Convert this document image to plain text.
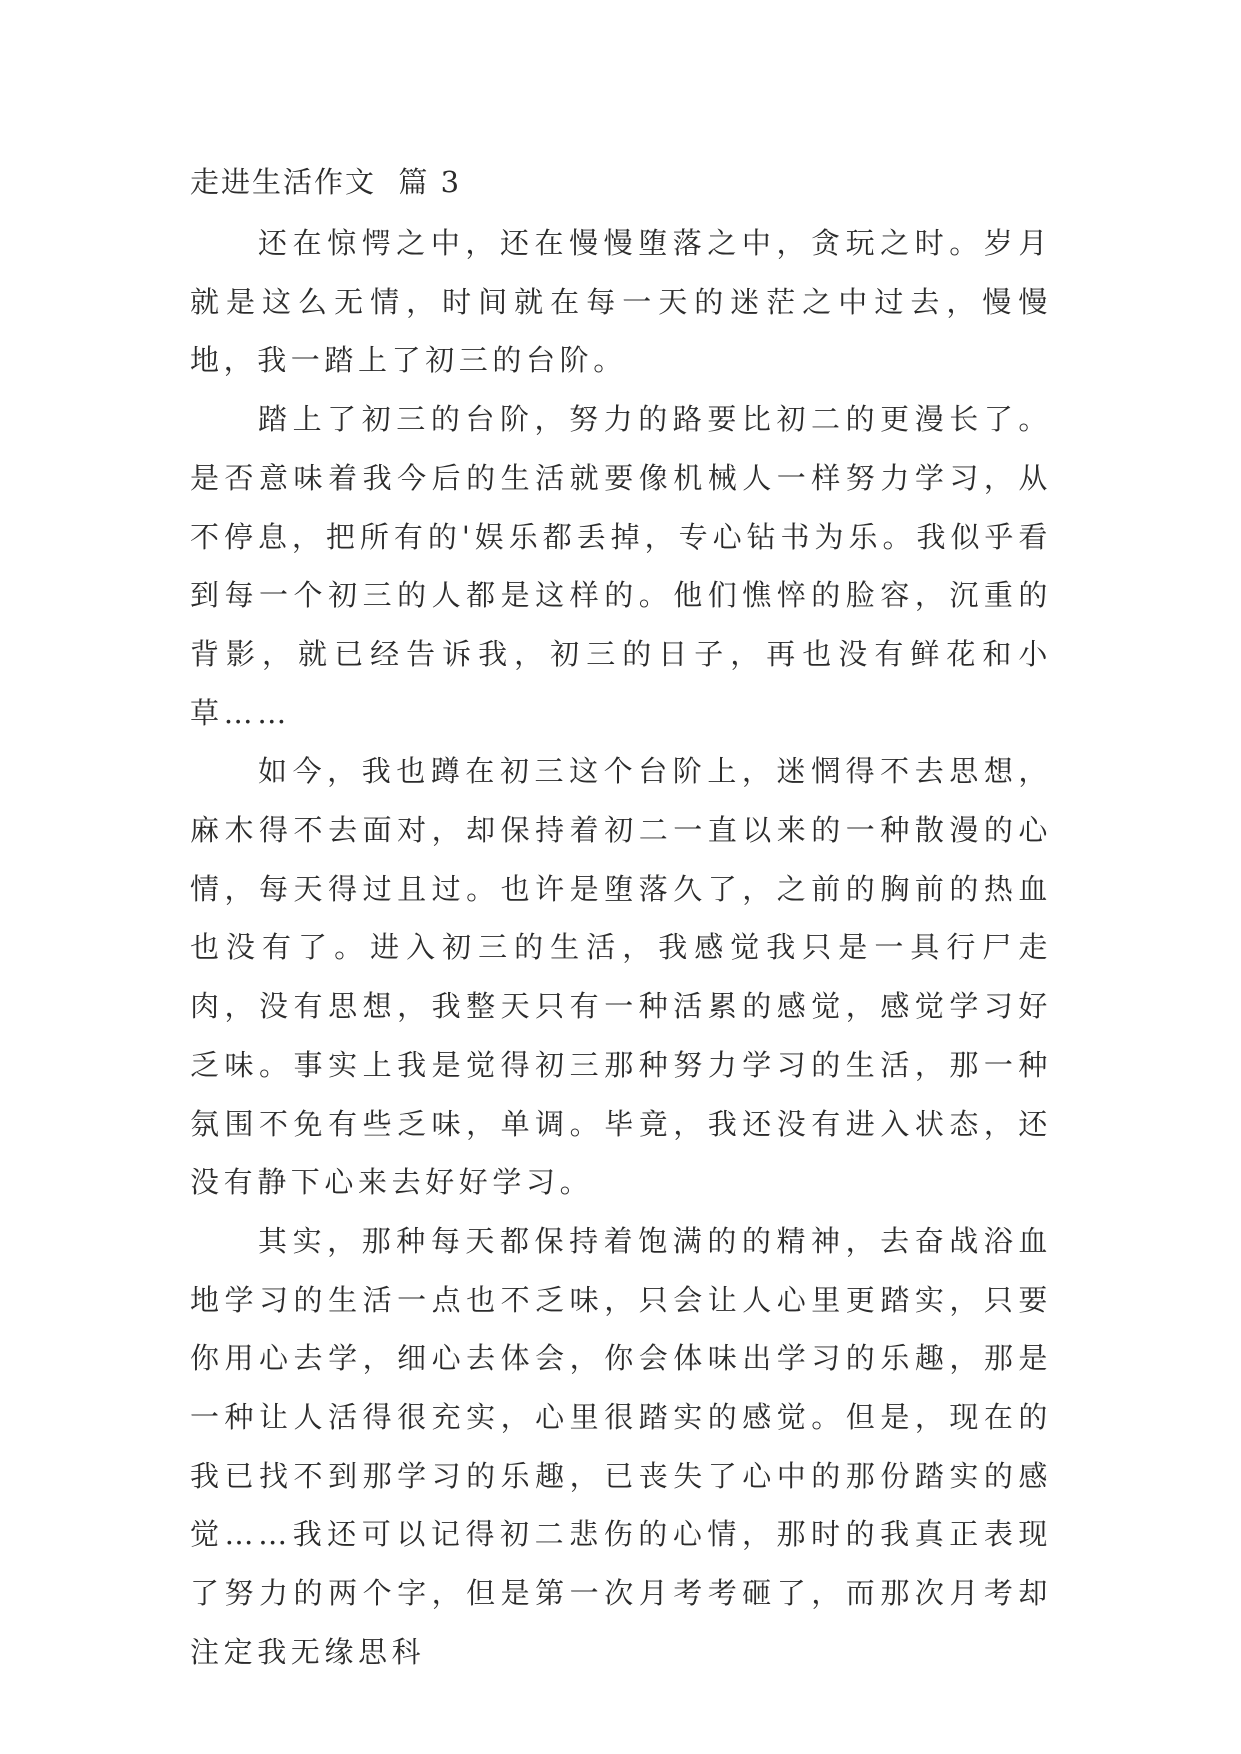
走进生活作文  篇 3

还在惊愕之中，还在慢慢堕落之中，贪玩之时。岁月就是这么无情，时间就在每一天的迷茫之中过去，慢慢地，我一踏上了初三的台阶。

踏上了初三的台阶，努力的路要比初二的更漫长了。是否意味着我今后的生活就要像机械人一样努力学习，从不停息，把所有的'娱乐都丢掉，专心钻书为乐。我似乎看到每一个初三的人都是这样的。他们憔悴的脸容，沉重的背影，就已经告诉我，初三的日子，再也没有鲜花和小草……

如今，我也蹲在初三这个台阶上，迷惘得不去思想，麻木得不去面对，却保持着初二一直以来的一种散漫的心情，每天得过且过。也许是堕落久了，之前的胸前的热血也没有了。进入初三的生活，我感觉我只是一具行尸走肉，没有思想，我整天只有一种活累的感觉，感觉学习好乏味。事实上我是觉得初三那种努力学习的生活，那一种氛围不免有些乏味，单调。毕竟，我还没有进入状态，还没有静下心来去好好学习。

其实，那种每天都保持着饱满的的精神，去奋战浴血地学习的生活一点也不乏味，只会让人心里更踏实，只要你用心去学，细心去体会，你会体味出学习的乐趣，那是一种让人活得很充实，心里很踏实的感觉。但是，现在的我已找不到那学习的乐趣，已丧失了心中的那份踏实的感觉……我还可以记得初二悲伤的心情，那时的我真正表现了努力的两个字，但是第一次月考考砸了，而那次月考却注定我无缘思科
